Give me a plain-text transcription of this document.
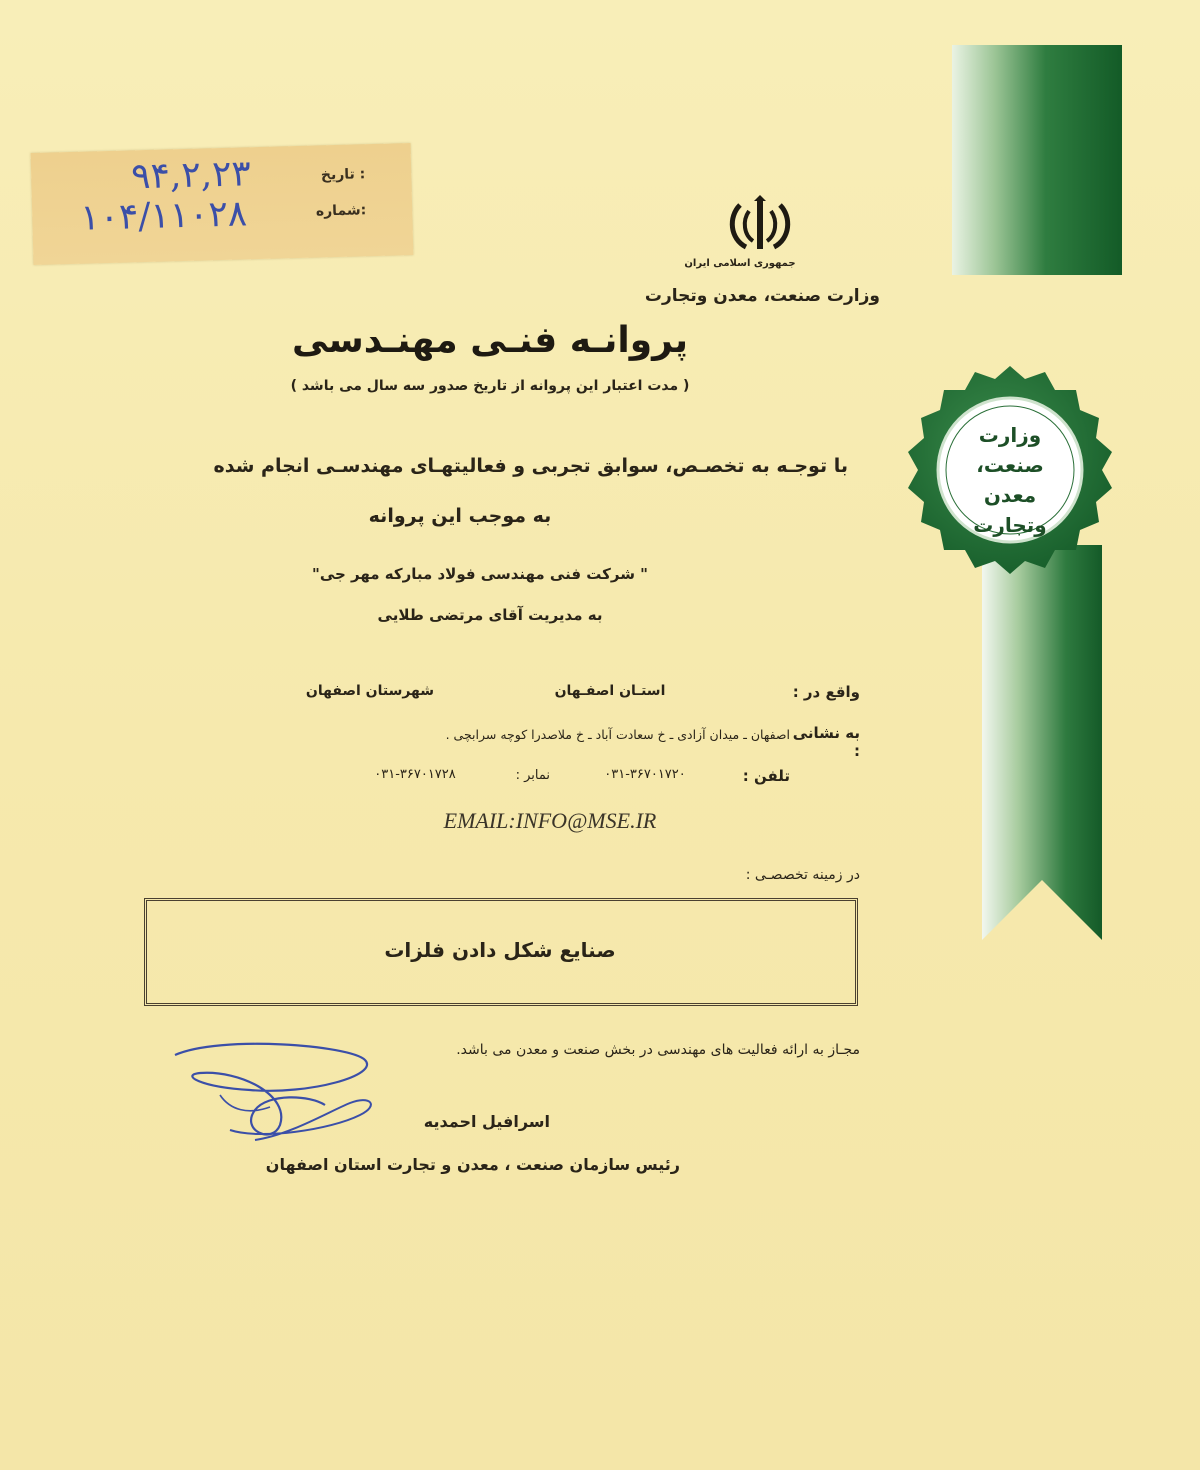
وزارت
صنعت، معدن
وتجارت
تاریخ :
شماره:
۹۴,۲,۲۳
۱۰۴/۱۱۰۲۸
جمهوری اسلامی ایران
وزارت صنعت، معدن وتجارت
پروانـه فنـی مهنـدسی
( مدت اعتبار این پروانه از تاریخ صدور سه سال می باشد )
با توجـه به تخصـص، سوابق تجربی و فعالیتهـای مهندسـی انجام شده
به موجب این پروانه
" شرکت فنی مهندسی فولاد مبارکه مهر جی"
به مدیریت آقای مرتضی طلایی
واقع در :
استـان اصفـهان
شهرستان اصفهان
به نشانی :
اصفهان ـ میدان آزادی ـ خ سعادت آباد ـ خ ملاصدرا کوچه سرابچی .
تلفن :
۰۳۱-۳۶۷۰۱۷۲۰
نمابر :
۰۳۱-۳۶۷۰۱۷۲۸
EMAIL:INFO@MSE.IR
در زمینه تخصصـی :
صنایع شکل دادن فلزات
مجـاز به ارائه فعالیت های مهندسی در بخش صنعت و معدن می باشد.
اسرافیل احمدیه
رئیس سازمان صنعت ، معدن و تجارت استان اصفهان
